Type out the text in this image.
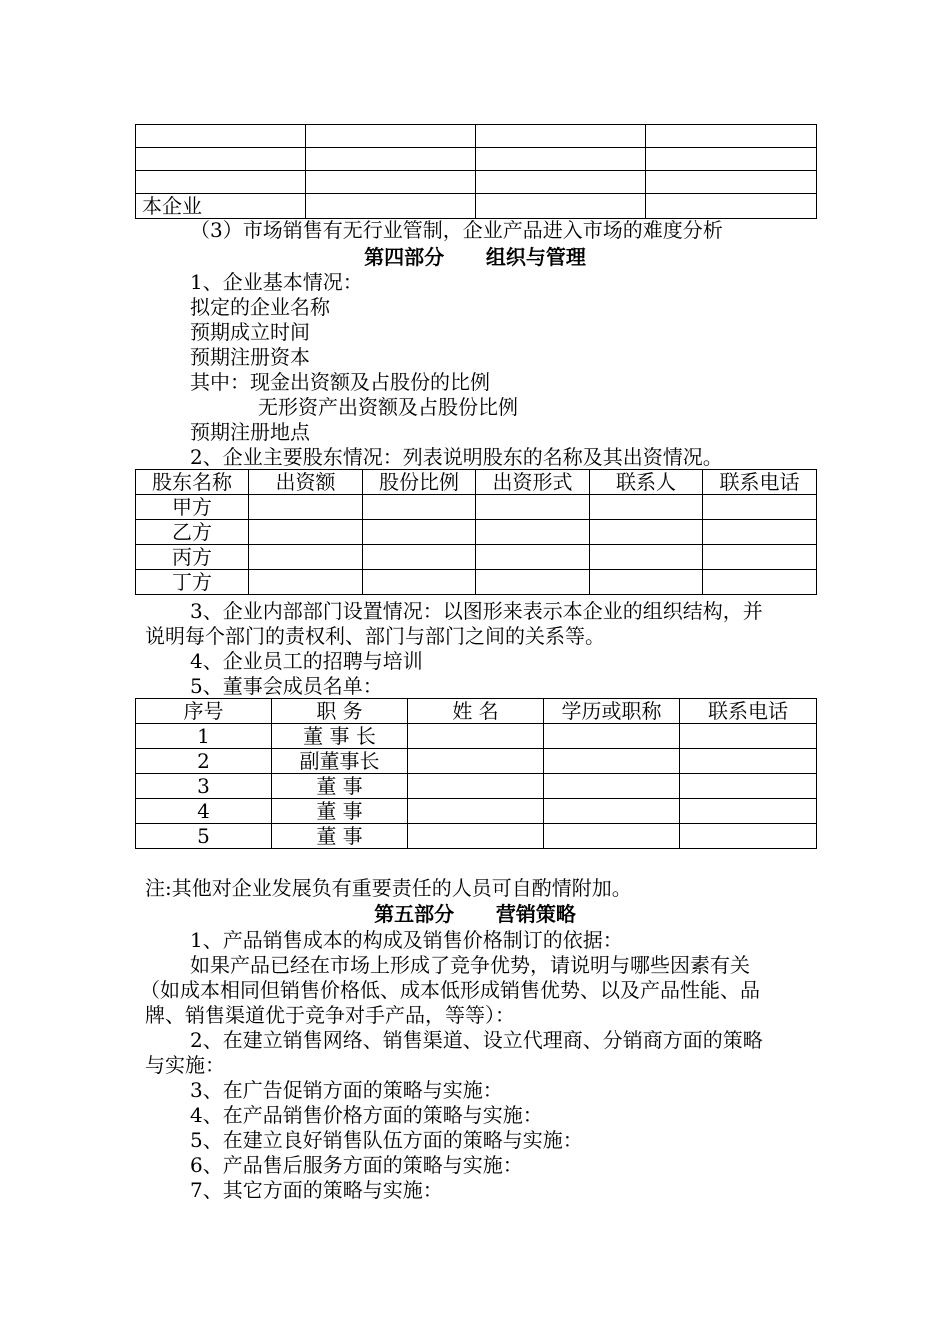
本企业			
（3）市场销售有无行业管制，企业产品进入市场的难度分析
第四部分      组织与管理
1、企业基本情况：
拟定的企业名称
预期成立时间
预期注册资本
其中：现金出资额及占股份的比例
无形资产出资额及占股份比例
预期注册地点
2、企业主要股东情况：列表说明股东的名称及其出资情况。
股东名称	出资额	股份比例	出资形式	联系人	联系电话
甲方					
乙方					
丙方					
丁方					
3、企业内部部门设置情况：以图形来表示本企业的组织结构，并
说明每个部门的责权利、部门与部门之间的关系等。
4、企业员工的招聘与培训
5、董事会成员名单：
序号	职 务	姓 名	学历或职称	联系电话
1	董 事 长			
2	副董事长			
3	董 事			
4	董 事			
5	董 事			
注:其他对企业发展负有重要责任的人员可自酌情附加。
第五部分      营销策略
1、产品销售成本的构成及销售价格制订的依据：
如果产品已经在市场上形成了竞争优势，请说明与哪些因素有关
（如成本相同但销售价格低、成本低形成销售优势、以及产品性能、品
牌、销售渠道优于竞争对手产品，等等）：
2、在建立销售网络、销售渠道、设立代理商、分销商方面的策略
与实施：
3、在广告促销方面的策略与实施：
4、在产品销售价格方面的策略与实施：
5、在建立良好销售队伍方面的策略与实施：
6、产品售后服务方面的策略与实施：
7、其它方面的策略与实施：
